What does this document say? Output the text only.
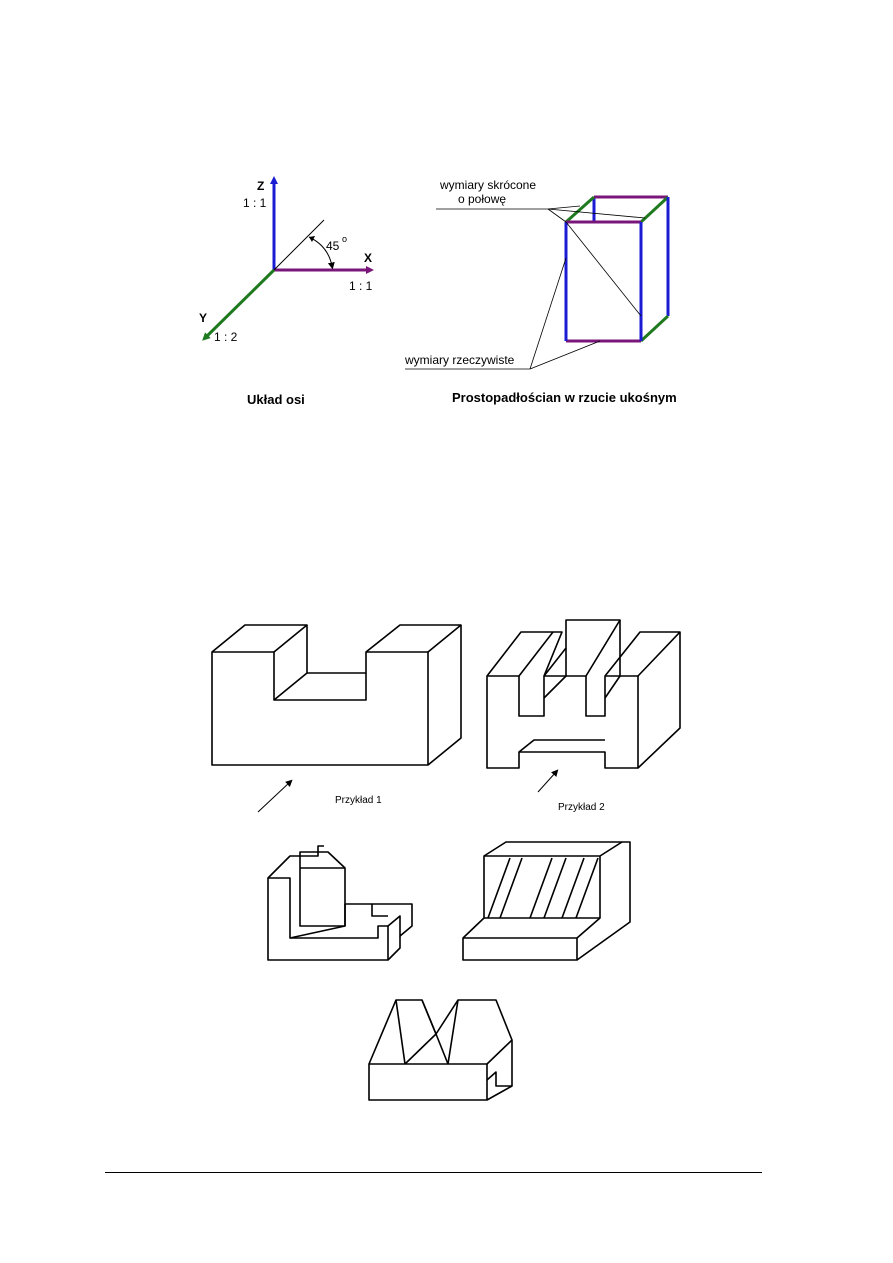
Z
1 : 1
X
1 : 1
Y
1 : 2
45 o
Układ osi
wymiary skrócone
o połowę
wymiary rzeczywiste
Prostopadłościan w rzucie ukośnym
Przykład 1
Przykład 2
